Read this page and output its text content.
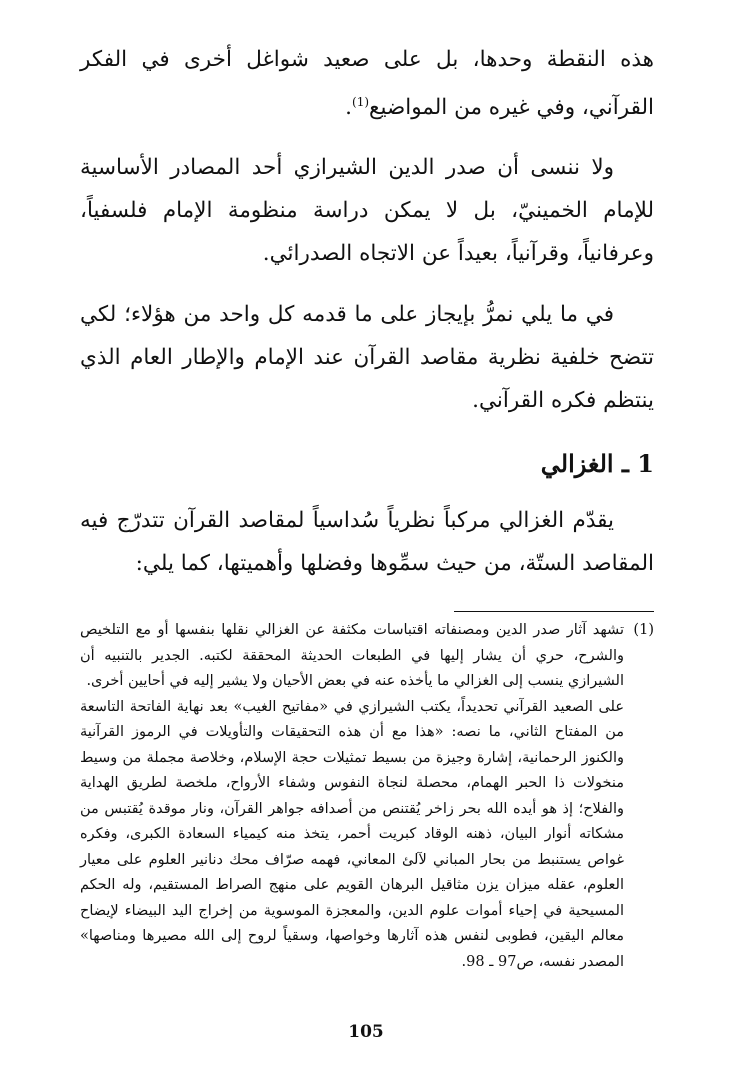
هذه النقطة وحدها، بل على صعيد شواغل أخرى في الفكر القرآني، وفي غيره من المواضيع$^{(1)}$.

ولا ننسى أن صدر الدين الشيرازي أحد المصادر الأساسية للإمام الخمينيّ، بل لا يمكن دراسة منظومة الإمام فلسفياً، وعرفانياً، وقرآنياً، بعيداً عن الاتجاه الصدرائي.

في ما يلي نمرُّ بإيجاز على ما قدمه كل واحد من هؤلاء؛ لكي تتضح خلفية نظرية مقاصد القرآن عند الإمام والإطار العام الذي ينتظم فكره القرآني.

1 ـ الغزالي

يقدّم الغزالي مركباً نظرياً سُداسياً لمقاصد القرآن تتدرّج فيه المقاصد الستّة، من حيث سمِّوها وفضلها وأهميتها، كما يلي:

(1)

تشهد آثار صدر الدين ومصنفاته اقتباسات مكثفة عن الغزالي نقلها بنفسها أو مع التلخيص والشرح، حري أن يشار إليها في الطبعات الحديثة المحققة لكتبه. الجدير بالتنبيه أن الشيرازي ينسب إلى الغزالي ما يأخذه عنه في بعض الأحيان ولا يشير إليه في أحايين أخرى.

على الصعيد القرآني تحديداً، يكتب الشيرازي في «مفاتيح الغيب» بعد نهاية الفاتحة التاسعة من المفتاح الثاني، ما نصه: «هذا مع أن هذه التحقيقات والتأويلات في الرموز القرآنية والكنوز الرحمانية، إشارة وجيزة من بسيط تمثيلات حجة الإسلام، وخلاصة مجملة من وسيط منخولات ذا الحبر الهمام، محصلة لنجاة النفوس وشفاء الأرواح، ملخصة لطريق الهداية والفلاح؛ إذ هو أيده الله بحر زاخر يُقتنص من أصدافه جواهر القرآن، ونار موقدة يُقتبس من مشكاته أنوار البيان، ذهنه الوقاد كبريت أحمر، يتخذ منه كيمياء السعادة الكبرى، وفكره غواص يستنبط من بحار المباني لآلئ المعاني، فهمه صرّاف محك دنانير العلوم على معيار العلوم، عقله ميزان يزن مثاقيل البرهان القويم على منهج الصراط المستقيم، وله الحكم المسيحية في إحياء أموات علوم الدين، والمعجزة الموسوية من إخراج اليد البيضاء لإيضاح معالم اليقين، فطوبى لنفس هذه آثارها وخواصها، وسقياً لروح إلى الله مصيرها ومناصها» المصدر نفسه، ص97 ـ 98.

105
